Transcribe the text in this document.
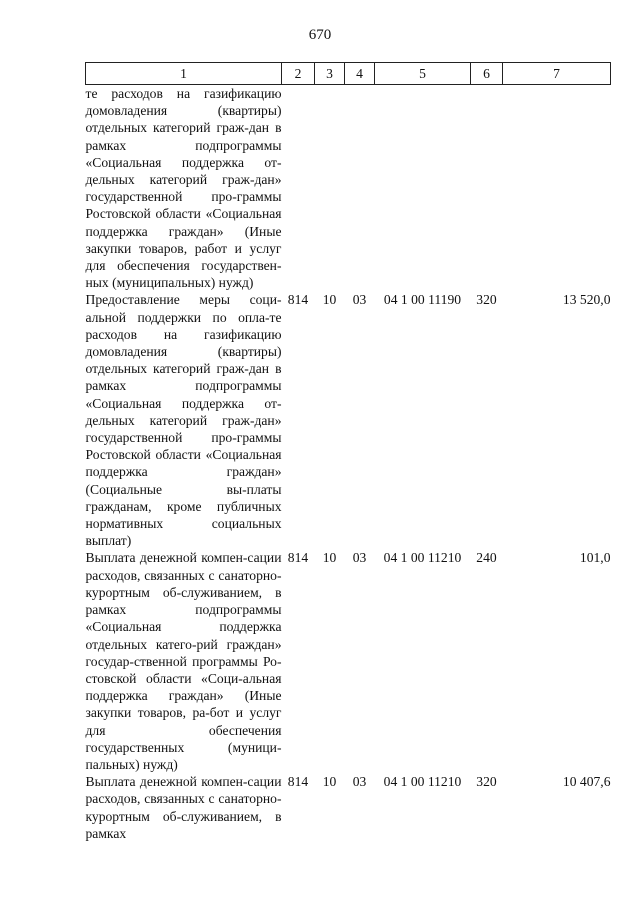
670
1	2	3	4	5	6	7
те расходов на газификацию домовладения (квартиры) отдельных категорий граж-дан в рамках подпрограммы «Социальная поддержка от-дельных категорий граж-дан» государственной про-граммы Ростовской области «Социальная поддержка граждан» (Иные закупки товаров, работ и услуг для обеспечения государствен-ных (муниципальных) нужд)						
Предоставление меры соци-альной поддержки по опла-те расходов на газификацию домовладения (квартиры) отдельных категорий граж-дан в рамках подпрограммы «Социальная поддержка от-дельных категорий граж-дан» государственной про-граммы Ростовской области «Социальная поддержка граждан» (Социальные вы-платы гражданам, кроме публичных нормативных социальных выплат)	814	10	03	04 1 00 11190	320	13 520,0
Выплата денежной компен-сации расходов, связанных с санаторно-курортным об-служиванием, в рамках подпрограммы «Социальная поддержка отдельных катего-рий граждан» государ-ственной программы Ро-стовской области «Соци-альная поддержка граждан» (Иные закупки товаров, ра-бот и услуг для обеспечения государственных (муници-пальных) нужд)	814	10	03	04 1 00 11210	240	101,0
Выплата денежной компен-сации расходов, связанных с санаторно-курортным об-служиванием, в рамках	814	10	03	04 1 00 11210	320	10 407,6
